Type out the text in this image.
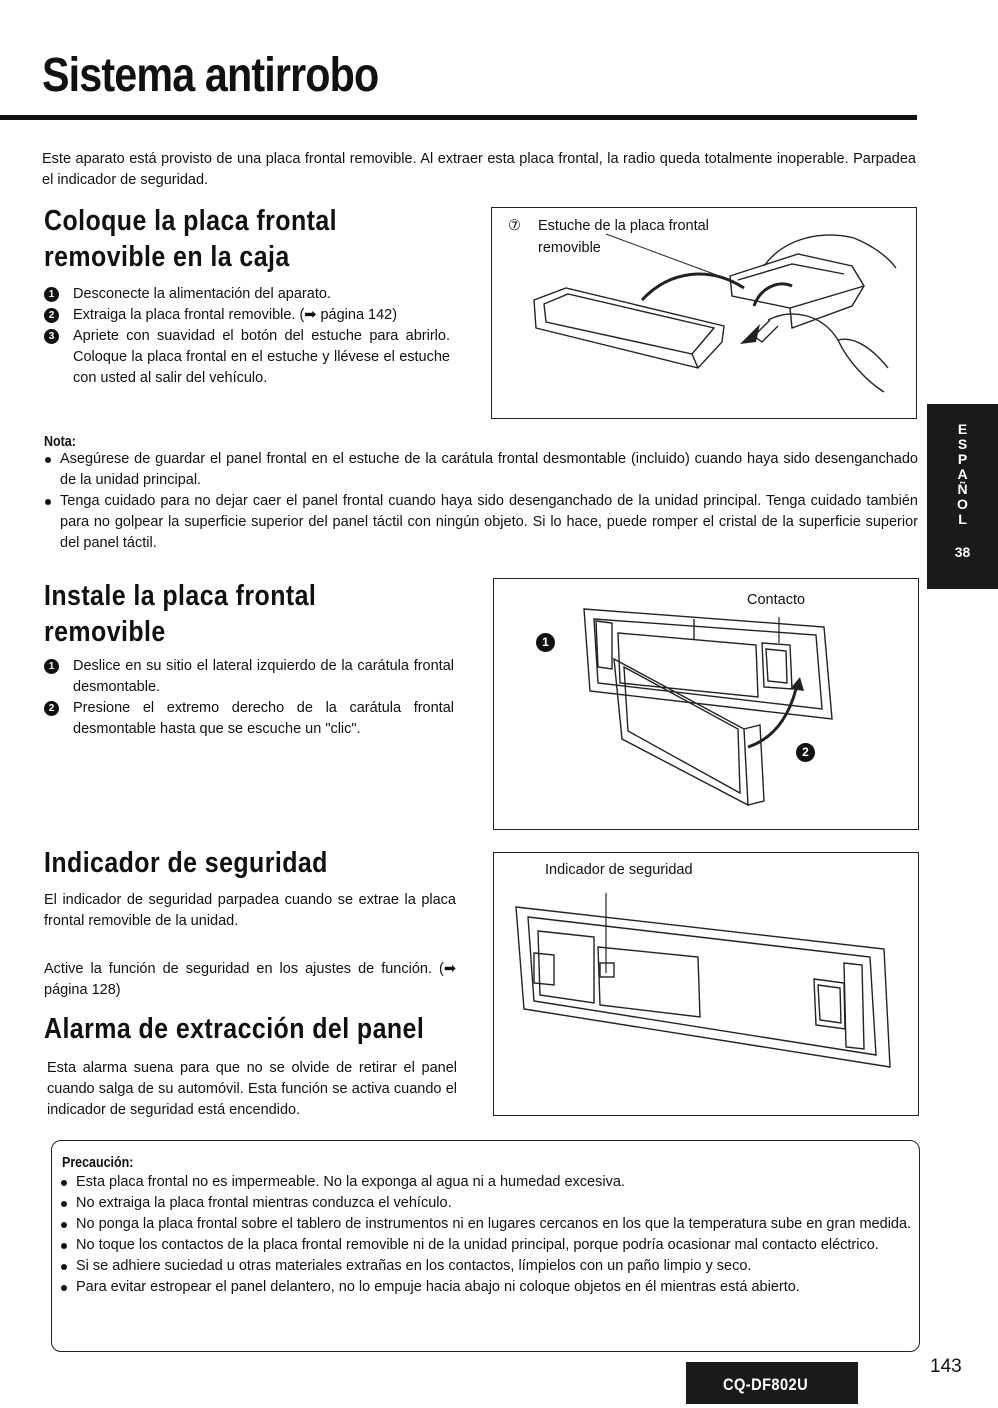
Sistema antirrobo

Este aparato está provisto de una placa frontal removible. Al extraer esta placa frontal, la radio queda totalmente inoperable. Parpadea el indicador de seguridad.

Coloque la placa frontal
removible en la caja
1	Desconecte la alimentación del aparato.
2	Extraiga la placa frontal removible. (➡ página 142)
3	Apriete con suavidad el botón del estuche para abrirlo. Coloque la placa frontal en el estuche y llévese el estuche con usted al salir del vehículo.
⑦ Estuche de la placa frontal
removible

Nota:

Asegúrese de guardar el panel frontal en el estuche de la carátula frontal desmontable (incluido) cuando haya sido desenganchado de la unidad principal.
Tenga cuidado para no dejar caer el panel frontal cuando haya sido desenganchado de la unidad principal. Tenga cuidado también para no golpear la superficie superior del panel táctil con ningún objeto. Si lo hace, puede romper el cristal de la superficie superior del panel táctil.
Instale la placa frontal
removible
1	Deslice en su sitio el lateral izquierdo de la carátula frontal desmontable.
2	Presione el extremo derecho de la carátula frontal desmontable hasta que se escuche un "clic".
Contacto
1
2
Indicador de seguridad

El indicador de seguridad parpadea cuando se extrae la placa frontal removible de la unidad.

Active la función de seguridad en los ajustes de función. (➡ página 128)

Indicador de seguridad
Alarma de extracción del panel

Esta alarma suena para que no se olvide de retirar el panel cuando salga de su automóvil. Esta función se activa cuando el indicador de seguridad está encendido.

Precaución:

Esta placa frontal no es impermeable. No la exponga al agua ni a humedad excesiva.
No extraiga la placa frontal mientras conduzca el vehículo.
No ponga la placa frontal sobre el tablero de instrumentos ni en lugares cercanos en los que la temperatura sube en gran medida.
No toque los contactos de la placa frontal removible ni de la unidad principal, porque podría ocasionar mal contacto eléctrico.
Si se adhiere suciedad u otras materiales extrañas en los contactos, límpielos con un paño limpio y seco.
Para evitar estropear el panel delantero, no lo empuje hacia abajo ni coloque objetos en él mientras está abierto.
E
S
P
A
Ñ
O
L
38
CQ-DF802U
143
